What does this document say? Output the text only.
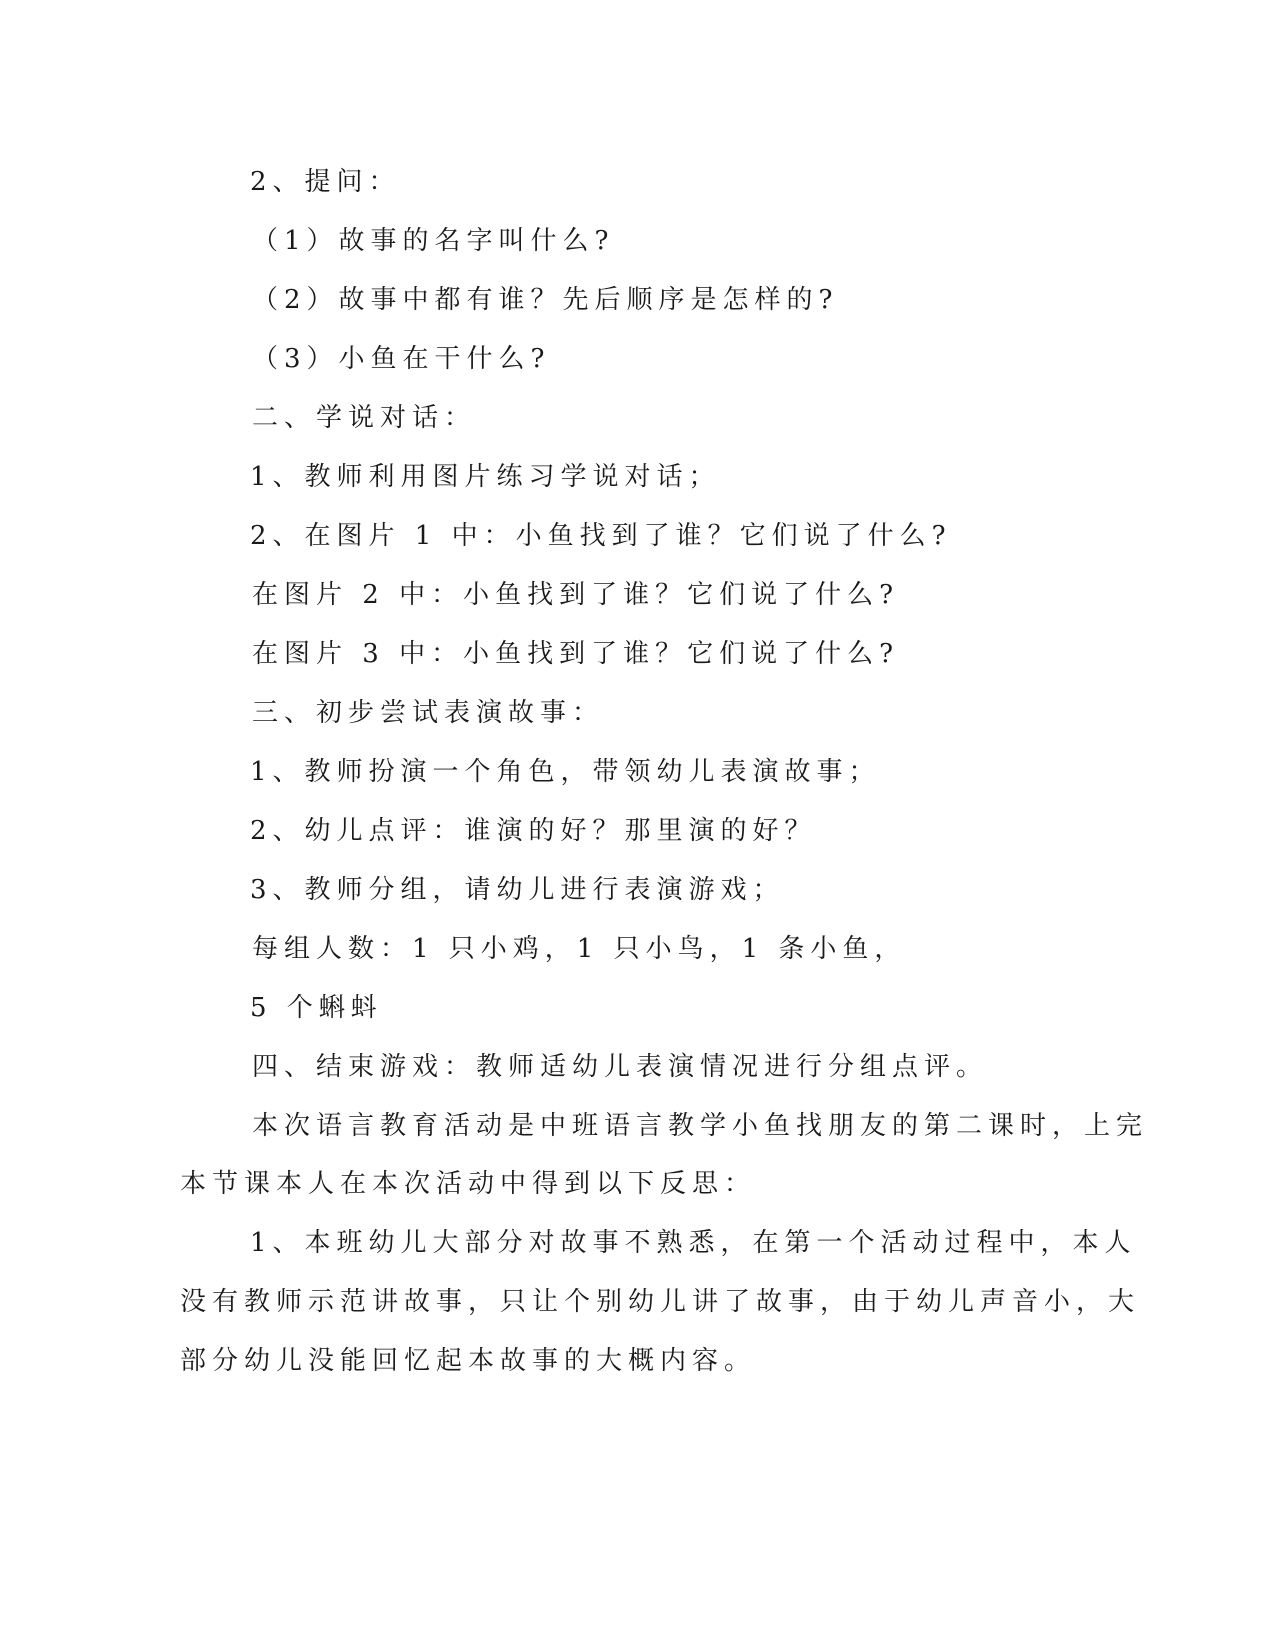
2、提问：

（1）故事的名字叫什么?

（2）故事中都有谁？先后顺序是怎样的?

（3）小鱼在干什么?

二、学说对话：

1、教师利用图片练习学说对话；

2、在图片 1 中：小鱼找到了谁？它们说了什么?

在图片 2 中：小鱼找到了谁？它们说了什么?

在图片 3 中：小鱼找到了谁？它们说了什么?

三、初步尝试表演故事：

1、教师扮演一个角色，带领幼儿表演故事；

2、幼儿点评：谁演的好？那里演的好？

3、教师分组，请幼儿进行表演游戏；

每组人数：1 只小鸡，1 只小鸟，1 条小鱼，

5 个蝌蚪

四、结束游戏：教师适幼儿表演情况进行分组点评。

本次语言教育活动是中班语言教学小鱼找朋友的第二课时，上完

本节课本人在本次活动中得到以下反思：

1、本班幼儿大部分对故事不熟悉，在第一个活动过程中，本人

没有教师示范讲故事，只让个别幼儿讲了故事，由于幼儿声音小，大

部分幼儿没能回忆起本故事的大概内容。
